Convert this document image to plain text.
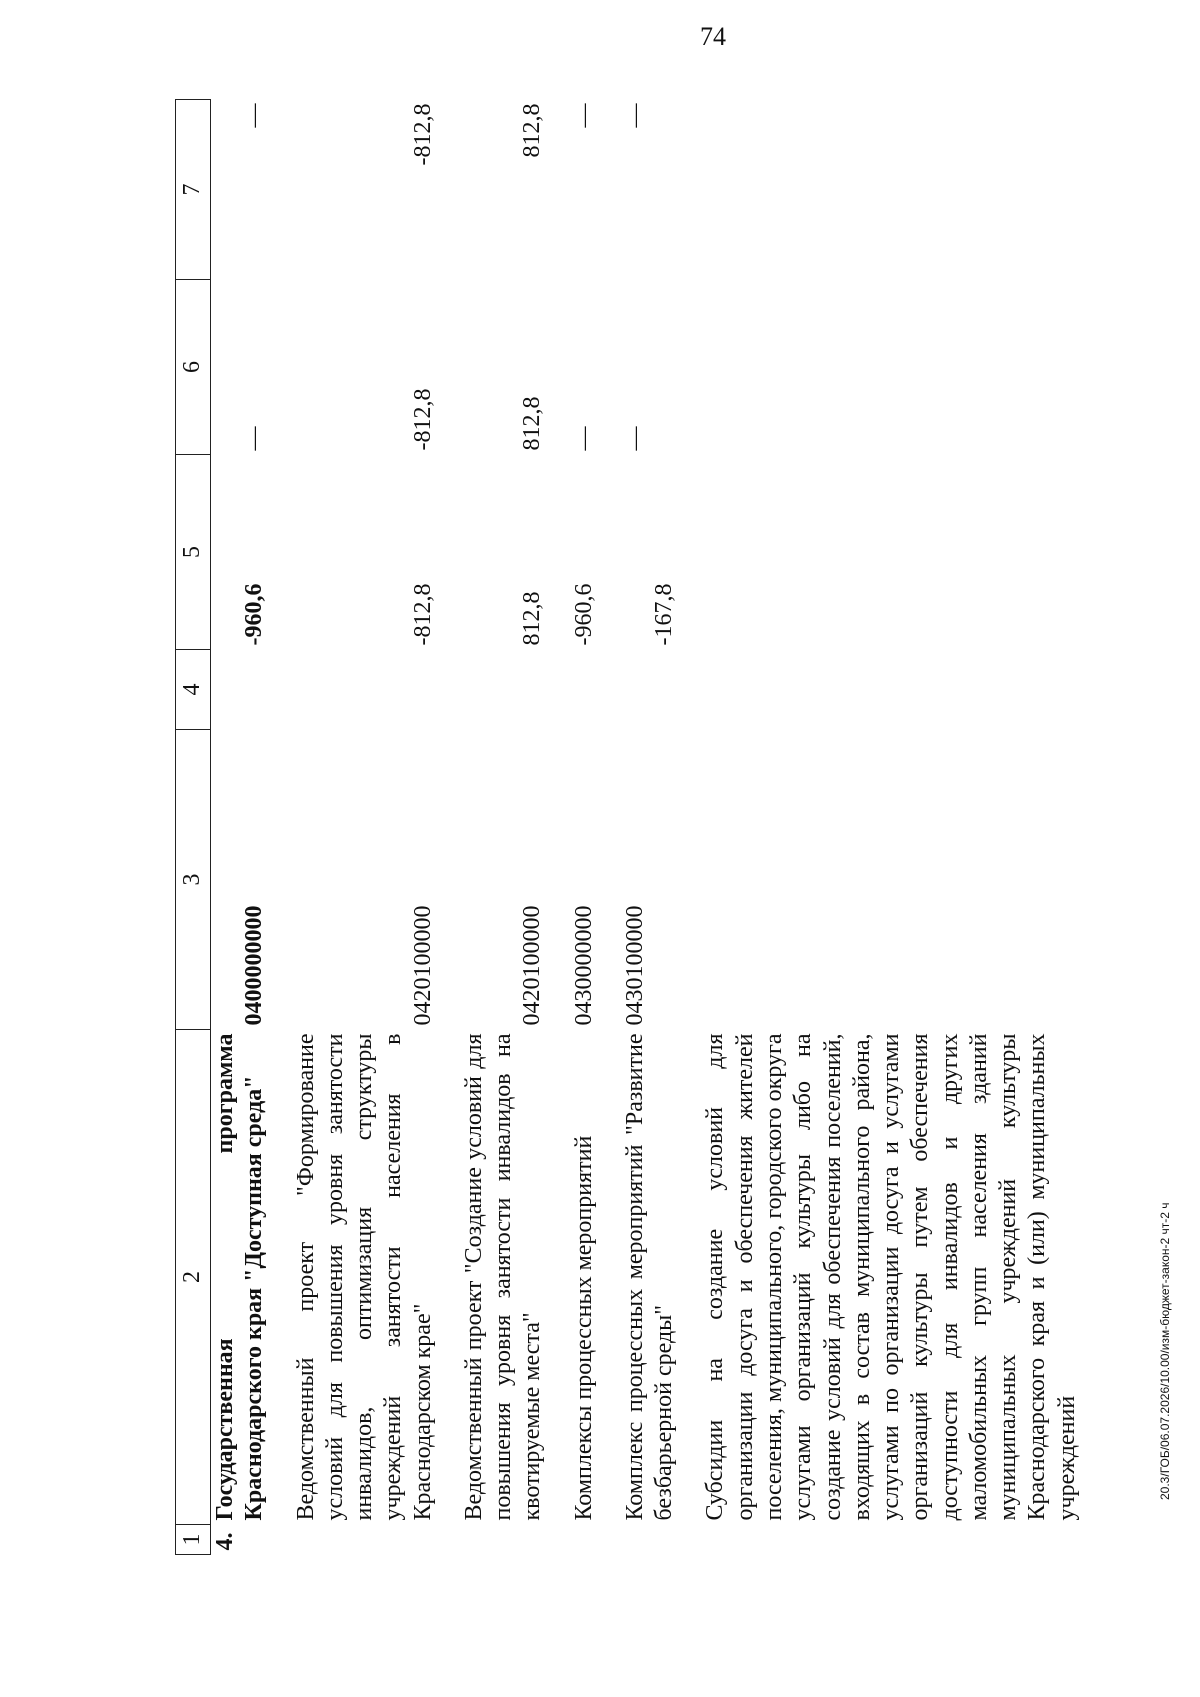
74
1	2	3	4	5	6	7
4.	Государственная программа Краснодарского края "Доступная среда"	0400000000		-960,6	—	—

	Ведомственный проект "Формирование условий для повышения уровня занятости инвалидов, оптимизация структуры учреждений занятости населения в Краснодарском крае"	0420100000		-812,8	-812,8	-812,8

	Ведомственный проект "Создание условий для повышения уровня занятости инвалидов на квотируемые места"	0420100000		812,8	812,8	812,8

	Комплексы процессных мероприятий	0430000000		-960,6	—	—

	Комплекс процессных мероприятий "Развитие безбарьерной среды"	0430100000		-167,8	—	—

	Субсидии на создание условий для организации досуга и обеспечения жителей поселения, муниципального, городского округа услугами организаций культуры либо на создание условий для обеспечения поселений, входящих в состав муниципального района, услугами по организации досуга и услугами организаций культуры путем обеспечения доступности для инвалидов и других маломобильных групп населения зданий муниципальных учреждений культуры Краснодарского края и (или) муниципальных учреждений						20.3/ГОБ/06.07.2026/10.00/изм-бюджет-закон-2 чт-2 ч
